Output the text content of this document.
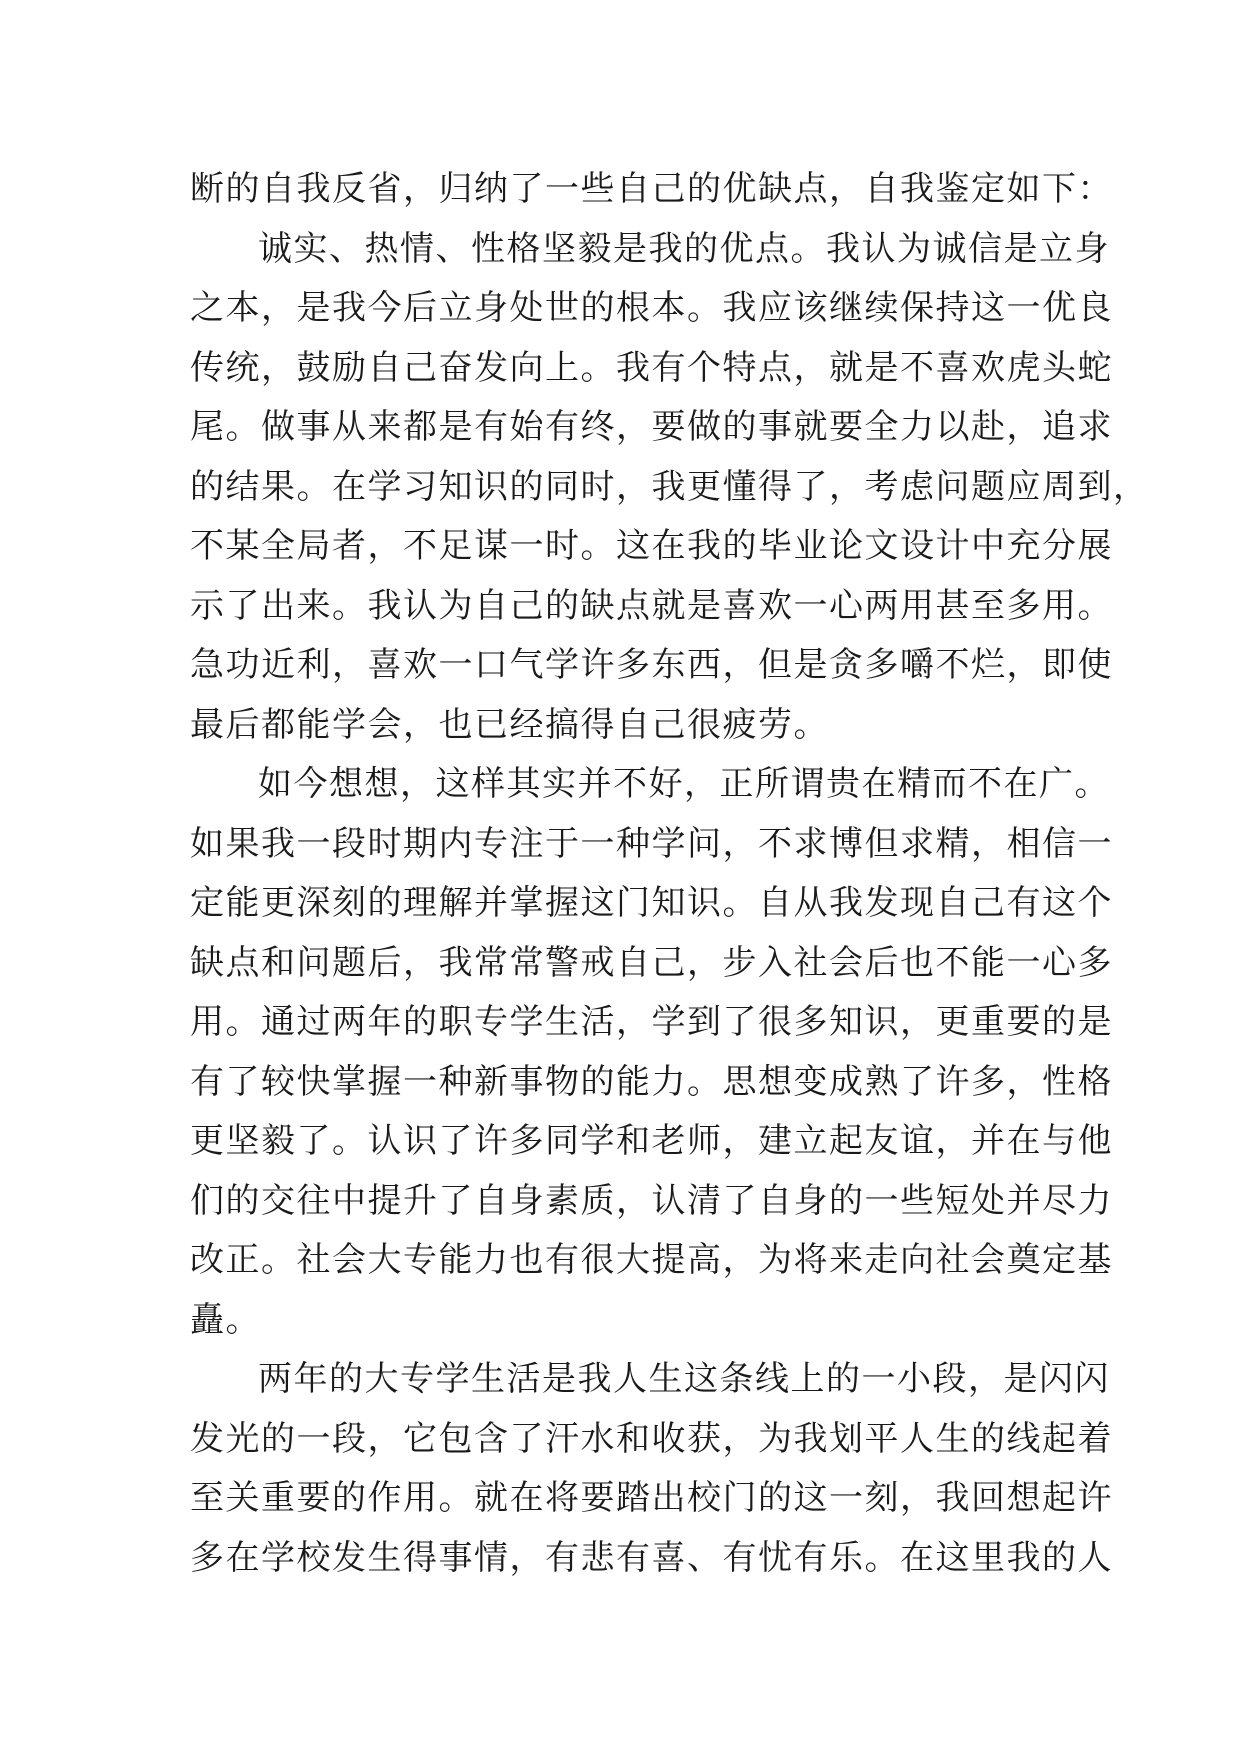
断的自我反省，归纳了一些自己的优缺点，自我鉴定如下：
诚实、热情、性格坚毅是我的优点。我认为诚信是立身
之本，是我今后立身处世的根本。我应该继续保持这一优良
传统，鼓励自己奋发向上。我有个特点，就是不喜欢虎头蛇
尾。做事从来都是有始有终，要做的事就要全力以赴，追求
的结果。在学习知识的同时，我更懂得了，考虑问题应周到，
不某全局者，不足谋一时。这在我的毕业论文设计中充分展
示了出来。我认为自己的缺点就是喜欢一心两用甚至多用。
急功近利，喜欢一口气学许多东西，但是贪多嚼不烂，即使
最后都能学会，也已经搞得自己很疲劳。
如今想想，这样其实并不好，正所谓贵在精而不在广。
如果我一段时期内专注于一种学问，不求博但求精，相信一
定能更深刻的理解并掌握这门知识。自从我发现自己有这个
缺点和问题后，我常常警戒自己，步入社会后也不能一心多
用。通过两年的职专学生活，学到了很多知识，更重要的是
有了较快掌握一种新事物的能力。思想变成熟了许多，性格
更坚毅了。认识了许多同学和老师，建立起友谊，并在与他
们的交往中提升了自身素质，认清了自身的一些短处并尽力
改正。社会大专能力也有很大提高，为将来走向社会奠定基
矗。
两年的大专学生活是我人生这条线上的一小段，是闪闪
发光的一段，它包含了汗水和收获，为我划平人生的线起着
至关重要的作用。就在将要踏出校门的这一刻，我回想起许
多在学校发生得事情，有悲有喜、有忧有乐。在这里我的人
